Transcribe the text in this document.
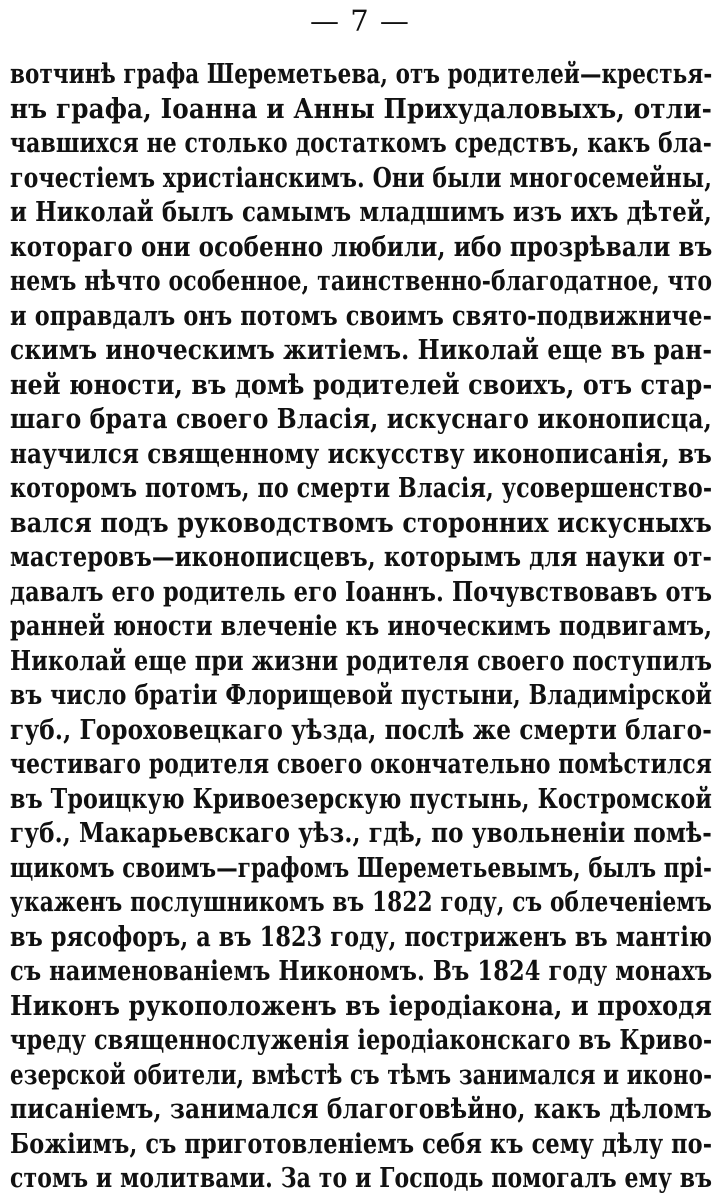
— 7 —
вотчинѣ графа Шереметьева, отъ родителей—крестья-
нъ графа, Іоанна и Анны Прихудаловыхъ, отли-
чавшихся не столько достаткомъ средствъ, какъ бла-
гочестіемъ христіанскимъ. Они были многосемейны,
и Николай былъ самымъ младшимъ изъ ихъ дѣтей,
котораго они особенно любили, ибо прозрѣвали въ
немъ нѣчто особенное, таинственно-благодатное, что
и оправдалъ онъ потомъ своимъ свято-подвижниче-
скимъ иноческимъ житіемъ. Николай еще въ ран-
ней юности, въ домѣ родителей своихъ, отъ стар-
шаго брата своего Власія, искуснаго иконописца,
научился священному искусству иконописанія, въ
которомъ потомъ, по смерти Власія, усовершенство-
вался подъ руководствомъ сторонних искусныхъ
мастеровъ—иконописцевъ, которымъ для науки от-
давалъ его родитель его Іоаннъ. Почувствовавъ отъ
ранней юности влеченіе къ иноческимъ подвигамъ,
Николай еще при жизни родителя своего поступилъ
въ число братіи Флорищевой пустыни, Владимірской
губ., Гороховецкаго уѣзда, послѣ же смерти благо-
честиваго родителя своего окончательно помѣстился
въ Троицкую Кривоезерскую пустынь, Костромской
губ., Макарьевскаго уѣз., гдѣ, по увольненіи помѣ-
щикомъ своимъ—графомъ Шереметьевымъ, былъ прі-
укаженъ послушникомъ въ 1822 году, съ облеченіемъ
въ рясофоръ, а въ 1823 году, постриженъ въ мантію
съ наименованіемъ Никономъ. Въ 1824 году монахъ
Никонъ рукоположенъ въ іеродіакона, и проходя
чреду священнослуженія іеродіаконскаго въ Криво-
езерской обители, вмѣстѣ съ тѣмъ занимался и иконо-
писаніемъ, занимался благоговѣйно, какъ дѣломъ
Божіимъ, съ приготовленіемъ себя къ сему дѣлу по-
стомъ и молитвами. За то и Господь помогалъ ему въ
